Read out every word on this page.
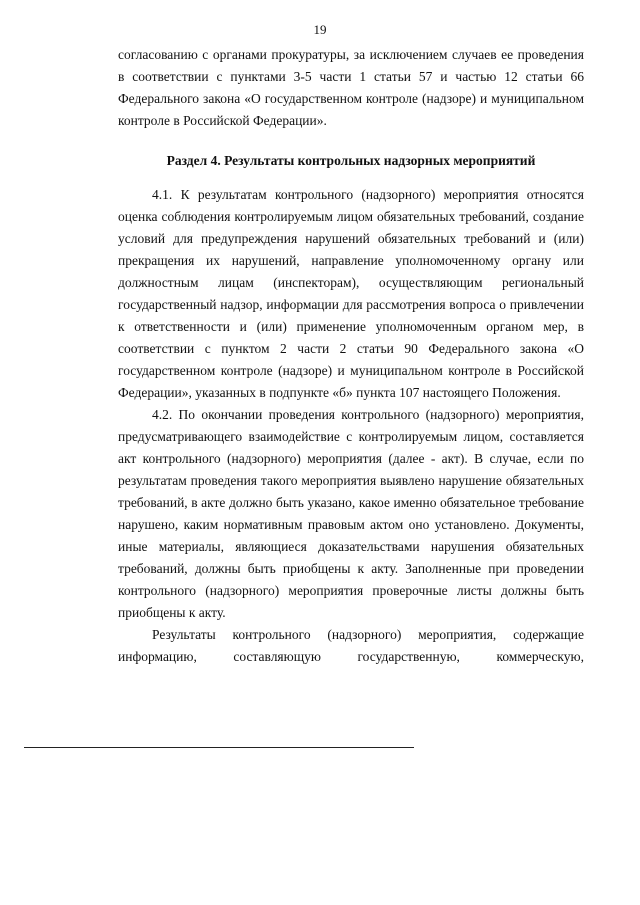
19

согласованию с органами прокуратуры, за исключением случаев ее проведения в соответствии с пунктами 3-5 части 1 статьи 57 и частью 12 статьи 66 Федерального закона «О государственном контроле (надзоре) и муниципальном контроле в Российской Федерации».

Раздел 4. Результаты контрольных надзорных мероприятий

4.1. К результатам контрольного (надзорного) мероприятия относятся оценка соблюдения контролируемым лицом обязательных требований, создание условий для предупреждения нарушений обязательных требований и (или) прекращения их нарушений, направление уполномоченному органу или должностным лицам (инспекторам), осуществляющим региональный государственный надзор, информации для рассмотрения вопроса о привлечении к ответственности и (или) применение уполномоченным органом мер, в соответствии с пунктом 2 части 2 статьи 90 Федерального закона «О государственном контроле (надзоре) и муниципальном контроле в Российской Федерации», указанных в подпункте «б» пункта 107 настоящего Положения.

4.2. По окончании проведения контрольного (надзорного) мероприятия, предусматривающего взаимодействие с контролируемым лицом, составляется акт контрольного (надзорного) мероприятия (далее - акт). В случае, если по результатам проведения такого мероприятия выявлено нарушение обязательных требований, в акте должно быть указано, какое именно обязательное требование нарушено, каким нормативным правовым актом оно установлено. Документы, иные материалы, являющиеся доказательствами нарушения обязательных требований, должны быть приобщены к акту. Заполненные при проведении контрольного (надзорного) мероприятия проверочные листы должны быть приобщены к акту.

Результаты контрольного (надзорного) мероприятия, содержащие информацию, составляющую государственную, коммерческую,
